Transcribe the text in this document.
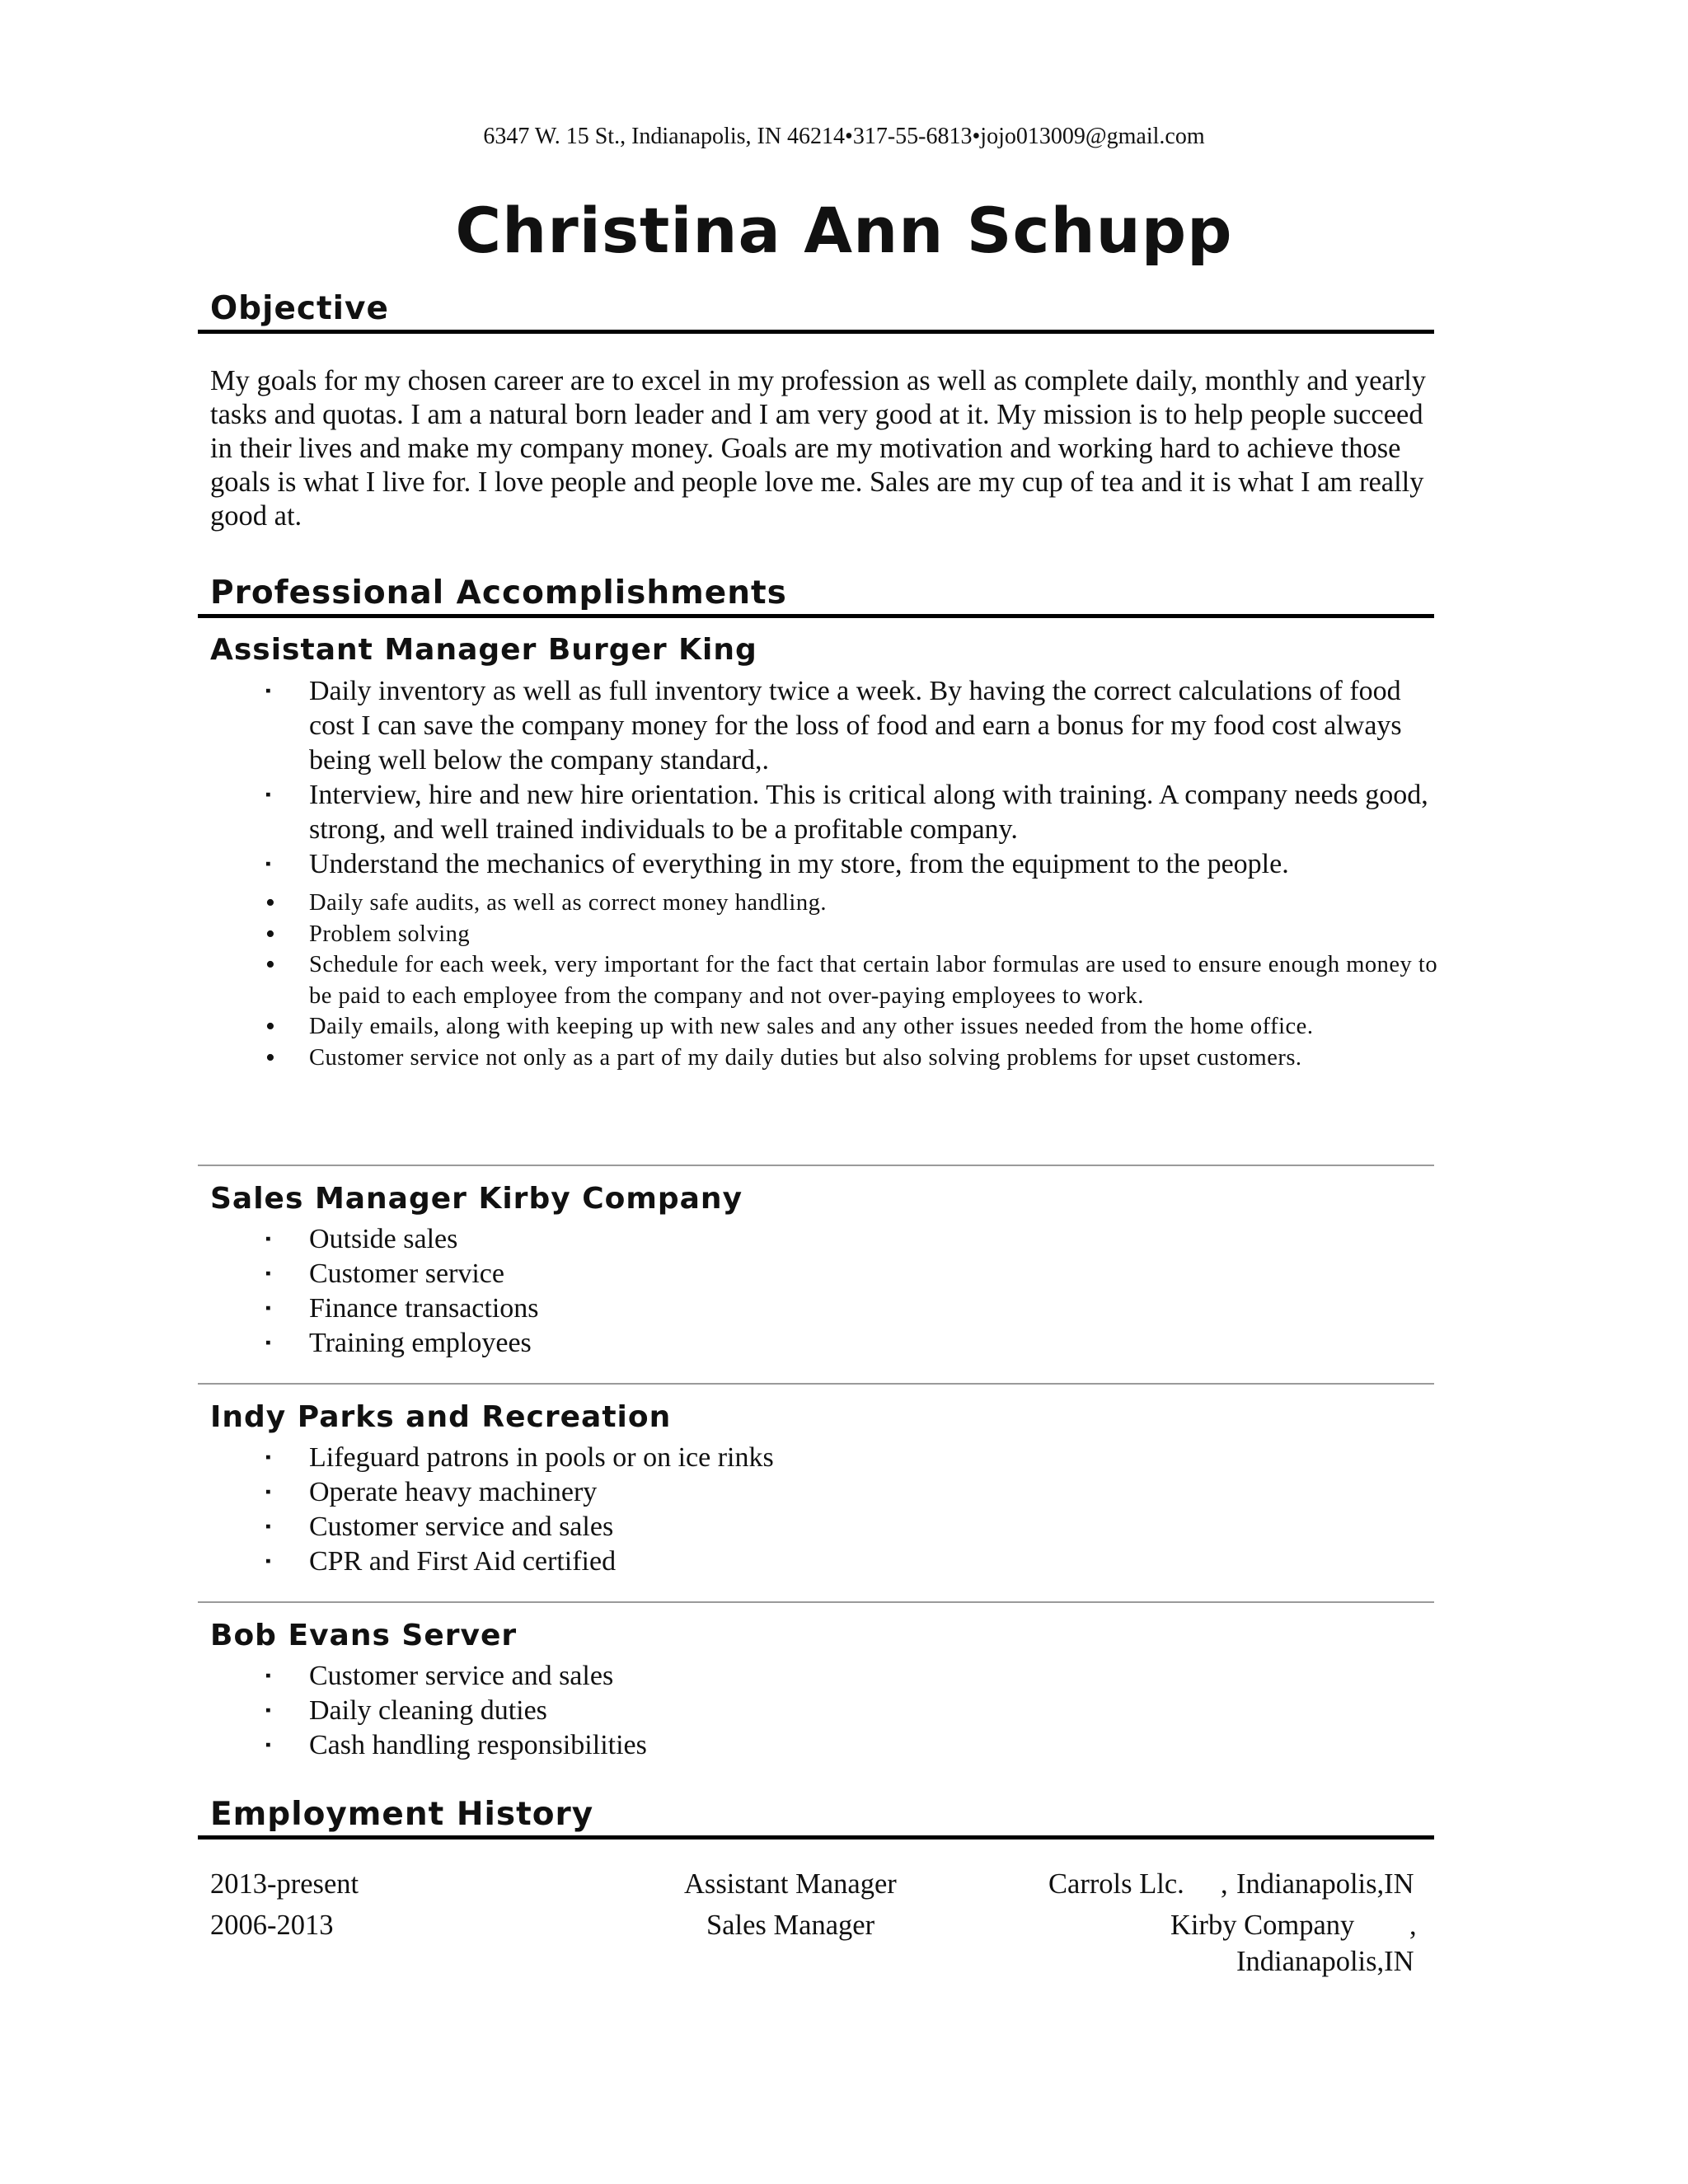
6347 W. 15 St., Indianapolis, IN 46214•317-55-6813•jojo013009@gmail.com
Christina Ann Schupp
Objective

My goals for my chosen career are to excel in my profession as well as complete daily, monthly and yearly tasks and quotas. I am a natural born leader and I am very good at it. My mission is to help people succeed in their lives and make my company money. Goals are my motivation and working hard to achieve those goals is what I live for. I love people and people love me. Sales are my cup of tea and it is what I am really good at.

Professional Accomplishments
Assistant Manager Burger King
▪	Daily inventory as well as full inventory twice a week. By having the correct calculations of food cost I can save the company money for the loss of food and earn a bonus for my food cost always being well below the company standard,.
▪	Interview, hire and new hire orientation. This is critical along with training. A company needs good, strong, and well trained individuals to be a profitable company.
▪	Understand the mechanics of everything in my store, from the equipment to the people.
•	Daily safe audits, as well as correct money handling.
•	Problem solving
•	Schedule for each week, very important for the fact that certain labor formulas are used to ensure enough money to be paid to each employee from the company and not over-paying employees to work.
•	Daily emails, along with keeping up with new sales and any other issues needed from the home office.
•	Customer service not only as a part of my daily duties but also solving problems for upset customers.
Sales Manager Kirby Company
▪	Outside sales
▪	Customer service
▪	Finance transactions
▪	Training employees
Indy Parks and Recreation
▪	Lifeguard patrons in pools or on ice rinks
▪	Operate heavy machinery
▪	Customer service and sales
▪	CPR and First Aid certified
Bob Evans Server
▪	Customer service and sales
▪	Daily cleaning duties
▪	Cash handling responsibilities
Employment History
2013-present	Assistant Manager	Carrols Llc. , Indianapolis,IN
2006-2013	Sales Manager	Kirby Company ,
Indianapolis,IN
